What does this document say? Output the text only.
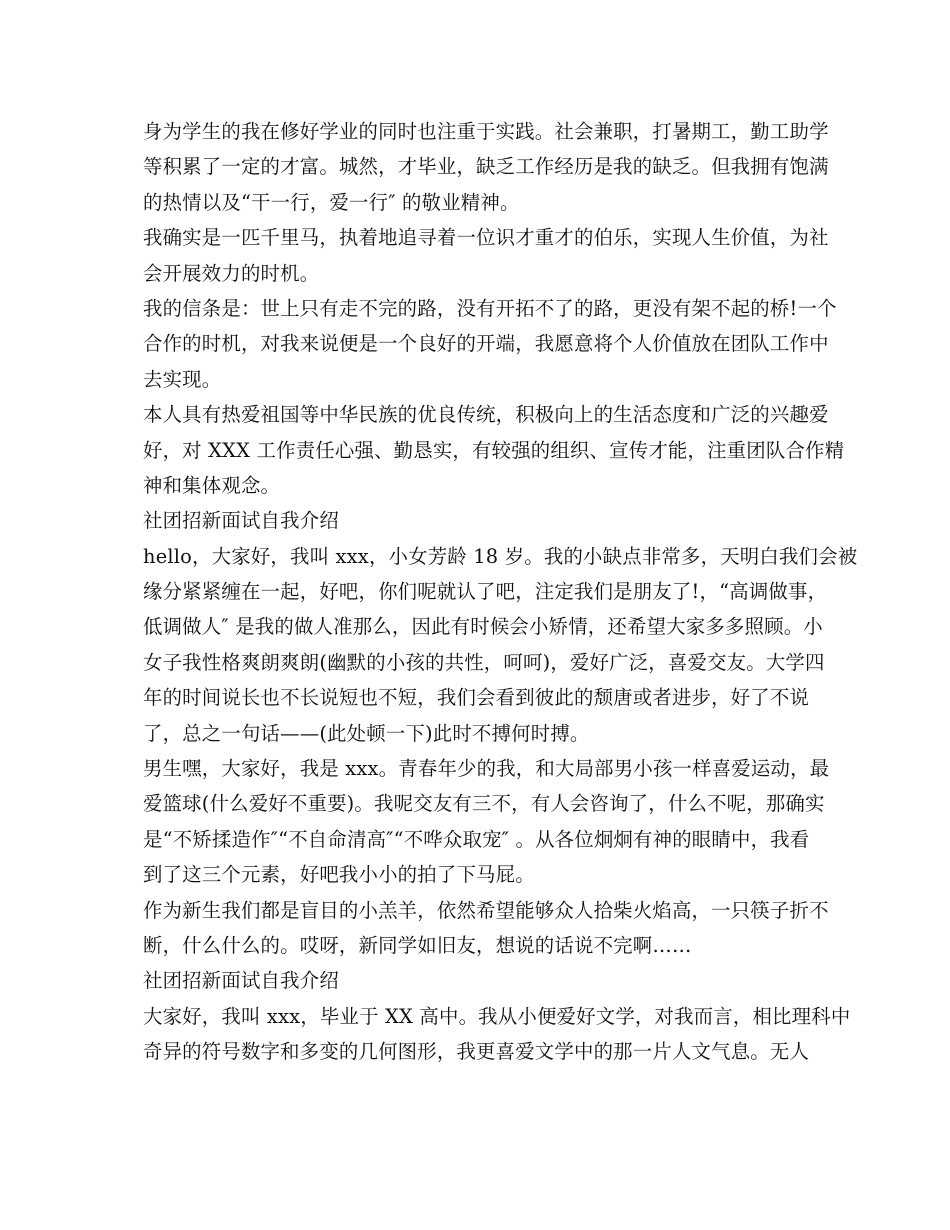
身为学生的我在修好学业的同时也注重于实践。社会兼职，打暑期工，勤工助学
等积累了一定的才富。城然，才毕业，缺乏工作经历是我的缺乏。但我拥有饱满
的热情以及“干一行，爱一行″ 的敬业精神。
我确实是一匹千里马，执着地追寻着一位识才重才的伯乐，实现人生价值，为社
会开展效力的时机。
我的信条是：世上只有走不完的路，没有开拓不了的路，更没有架不起的桥!一个
合作的时机，对我来说便是一个良好的开端，我愿意将个人价值放在团队工作中
去实现。
本人具有热爱祖国等中华民族的优良传统，积极向上的生活态度和广泛的兴趣爱
好，对 XXX 工作责任心强、勤恳实，有较强的组织、宣传才能，注重团队合作精
神和集体观念。
社团招新面试自我介绍
hello，大家好，我叫 xxx，小女芳龄 18 岁。我的小缺点非常多，天明白我们会被
缘分紧紧缠在一起，好吧，你们呢就认了吧，注定我们是朋友了!，“高调做事，
低调做人″ 是我的做人准那么，因此有时候会小矫情，还希望大家多多照顾。小
女子我性格爽朗爽朗(幽默的小孩的共性，呵呵)，爱好广泛，喜爱交友。大学四
年的时间说长也不长说短也不短，我们会看到彼此的颓唐或者进步，好了不说
了，总之一句话——(此处顿一下)此时不搏何时搏。
男生嘿，大家好，我是 xxx。青春年少的我，和大局部男小孩一样喜爱运动，最
爱篮球(什么爱好不重要)。我呢交友有三不，有人会咨询了，什么不呢，那确实
是“不矫揉造作″“不自命清高″“不哗众取宠″ 。从各位炯炯有神的眼睛中，我看
到了这三个元素，好吧我小小的拍了下马屁。
作为新生我们都是盲目的小羔羊，依然希望能够众人拾柴火焰高，一只筷子折不
断，什么什么的。哎呀，新同学如旧友，想说的话说不完啊……
社团招新面试自我介绍
大家好，我叫 xxx，毕业于 XX 高中。我从小便爱好文学，对我而言，相比理科中
奇异的符号数字和多变的几何图形，我更喜爱文学中的那一片人文气息。无人
